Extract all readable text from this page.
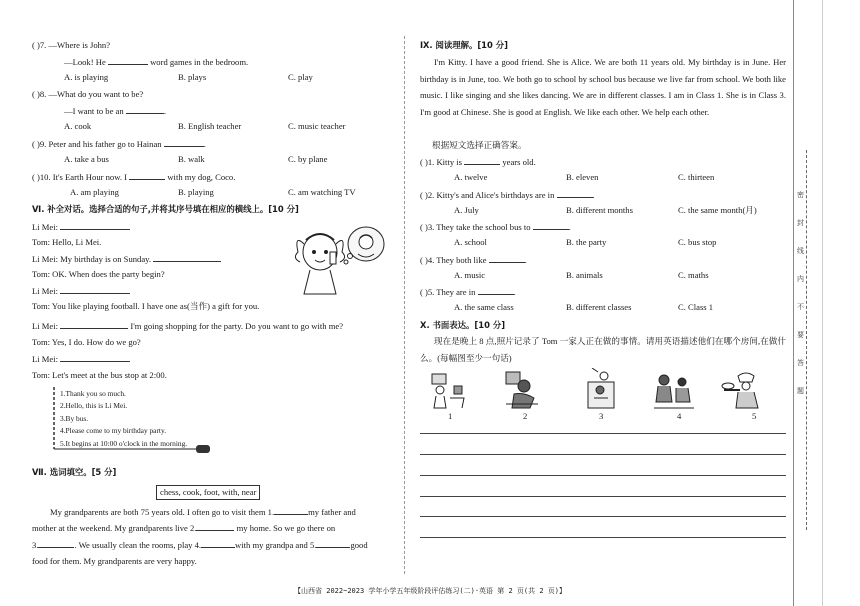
( )7. —Where is John?
—Look! He	word games in the bedroom.
A. is playing	B. plays	C. play
( )8. —What do you want to be?
—I want to be an	.
A. cook	B. English teacher	C. music teacher
( )9. Peter and his father go to Hainan	.
A. take a bus	B. walk	C. by plane
( )10. It's Earth Hour now. I	with my dog, Coco.
A. am playing	B. playing	C. am watching TV
Ⅵ. 补全对话。选择合适的句子,并将其序号填在相应的横线上。[10 分]
Li Mei:
Tom: Hello, Li Mei.
Li Mei: My birthday is on Sunday.
Tom: OK. When does the party begin?
Li Mei:
Tom: You like playing football. I have one as(当作) a gift for you.
Li Mei:	I'm going shopping for the party. Do you want to go with me?
Tom: Yes, I do. How do we go?
Li Mei:
Tom: Let's meet at the bus stop at 2:00.
1.Thank you so much.
2.Hello, this is Li Mei.
3.By bus.
4.Please come to my birthday party.
5.It begins at 10:00 o'clock in the morning.
Ⅶ. 选词填空。[5 分]
chess, cook, foot, with, near
My grandparents are both 75 years old. I often go to visit them 1.	my father and
mother at the weekend. My grandparents live 2.	my home. So we go there on
3.	. We usually clean the rooms, play 4.	with my grandpa and 5.	good
food for them. My grandparents are very happy.
Ⅸ. 阅读理解。[10 分]
I'm Kitty. I have a good friend. She is Alice. We are both 11 years old. My birthday is in June. Her birthday is in June, too. We both go to school by school bus because we live far from school. We both like music. I like singing and she likes dancing. We are in different classes. I am in Class 1. She is in Class 3. I'm good at Chinese. She is good at English. We like each other. We help each other.
根据短文选择正确答案。
( )1. Kitty is	years old.
A. twelve	B. eleven	C. thirteen
( )2. Kitty's and Alice's birthdays are in	.
A. July	B. different months	C. the same month(月)
( )3. They take the school bus to	.
A. school	B. the party	C. bus stop
( )4. They both like	.
A. music	B. animals	C. maths
( )5. They are in	.
A. the same class	B. different classes	C. Class 1
Ⅹ. 书面表达。[10 分]
现在是晚上 8 点,照片记录了 Tom 一家人正在做的事情。请用英语描述他们在哪个房间,在做什么。(每幅图至少一句话)
1	2	3	4	5
【山西省 2022~2023 学年小学五年级阶段评估练习(二)·英语 第 2 页(共 2 页)】
密
封
线
内
不
要
答
题
